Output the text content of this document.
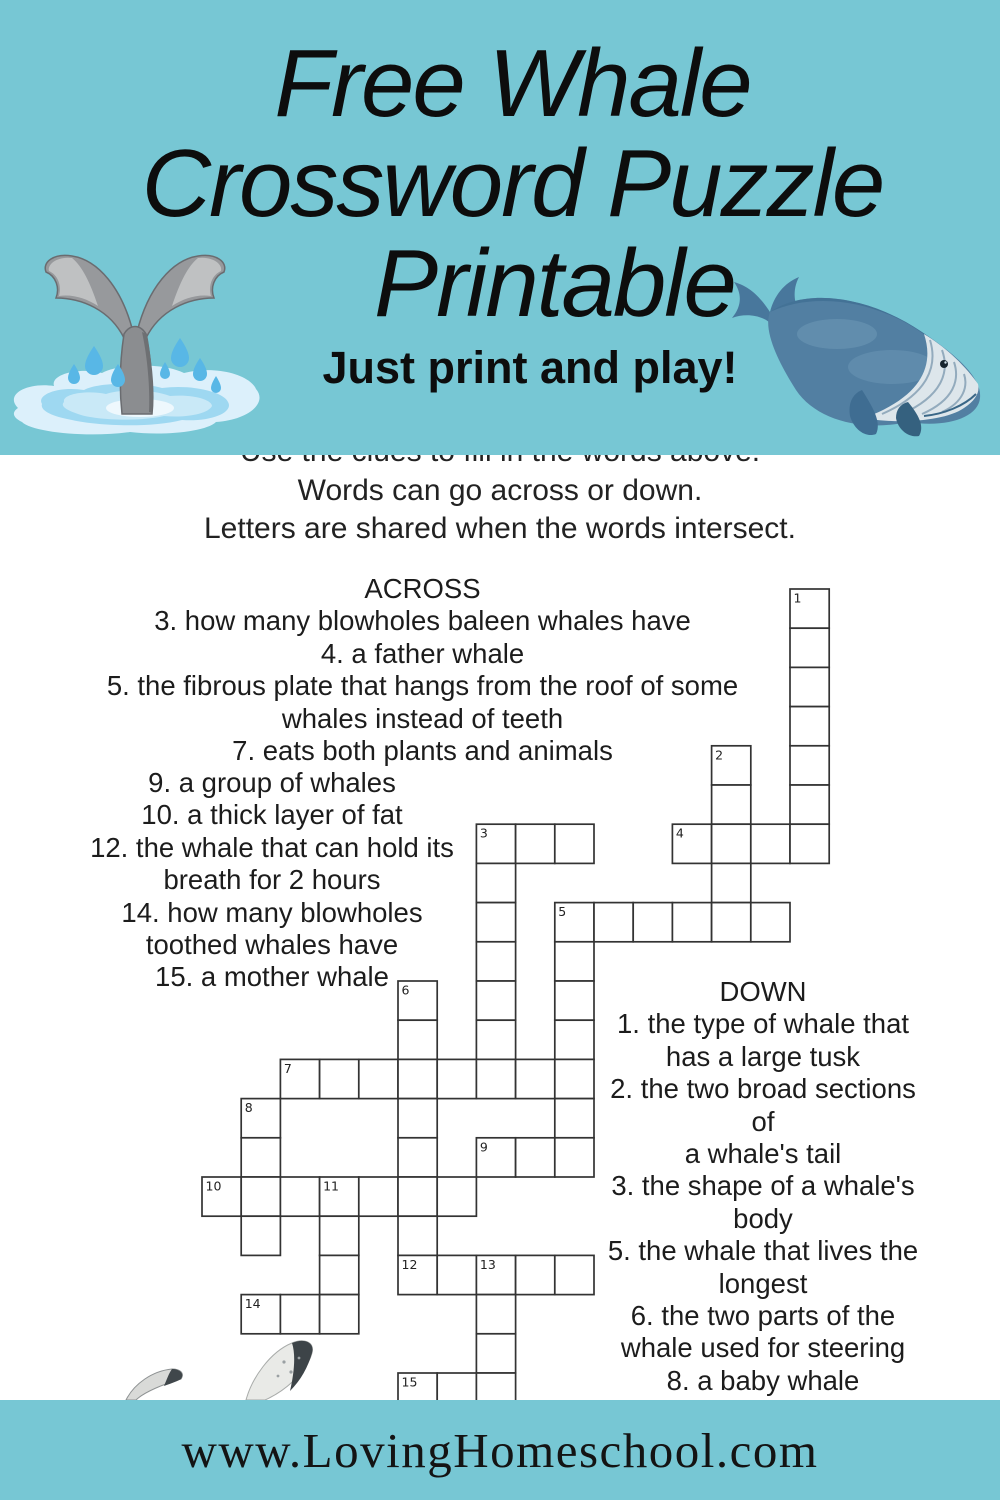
1
2
3	4
5
6
7
8
9
10	11
12	13
14
15
Words can go across or down.
Letters are shared when the words intersect.
ACROSS
3. how many blowholes baleen whales have
4. a father whale
5. the fibrous plate that hangs from the roof of some
whales instead of teeth
7. eats both plants and animals
9. a group of whales
10. a thick layer of fat
12. the whale that can hold its
breath for 2 hours
14. how many blowholes
toothed whales have
15. a mother whale	DOWN
1. the type of whale that
has a large tusk
2. the two broad sections of
a whale's tail
3. the shape of a whale's
body
5. the whale that lives the
longest
6. the two parts of the
whale used for steering
8. a baby whale
Free Whale
Crossword Puzzle
Printable
Just print and play!
www.LovingHomeschool.com
